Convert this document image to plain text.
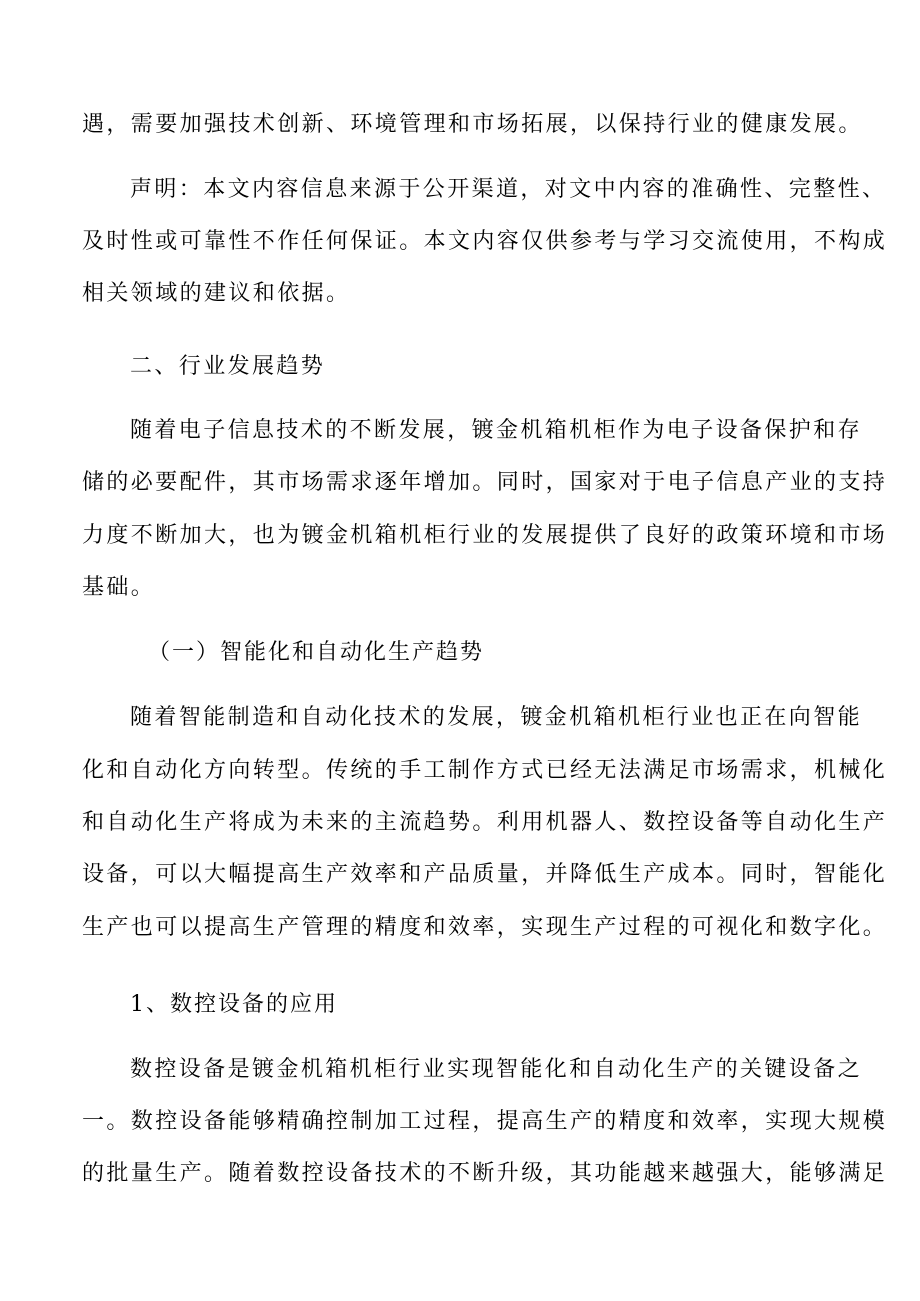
遇，需要加强技术创新、环境管理和市场拓展，以保持行业的健康发展。
声明：本文内容信息来源于公开渠道，对文中内容的准确性、完整性、
及时性或可靠性不作任何保证。本文内容仅供参考与学习交流使用，不构成
相关领域的建议和依据。
二、行业发展趋势
随着电子信息技术的不断发展，镀金机箱机柜作为电子设备保护和存
储的必要配件，其市场需求逐年增加。同时，国家对于电子信息产业的支持
力度不断加大，也为镀金机箱机柜行业的发展提供了良好的政策环境和市场
基础。
（一）智能化和自动化生产趋势
随着智能制造和自动化技术的发展，镀金机箱机柜行业也正在向智能
化和自动化方向转型。传统的手工制作方式已经无法满足市场需求，机械化
和自动化生产将成为未来的主流趋势。利用机器人、数控设备等自动化生产
设备，可以大幅提高生产效率和产品质量，并降低生产成本。同时，智能化
生产也可以提高生产管理的精度和效率，实现生产过程的可视化和数字化。
1、数控设备的应用
数控设备是镀金机箱机柜行业实现智能化和自动化生产的关键设备之
一。数控设备能够精确控制加工过程，提高生产的精度和效率，实现大规模
的批量生产。随着数控设备技术的不断升级，其功能越来越强大，能够满足
